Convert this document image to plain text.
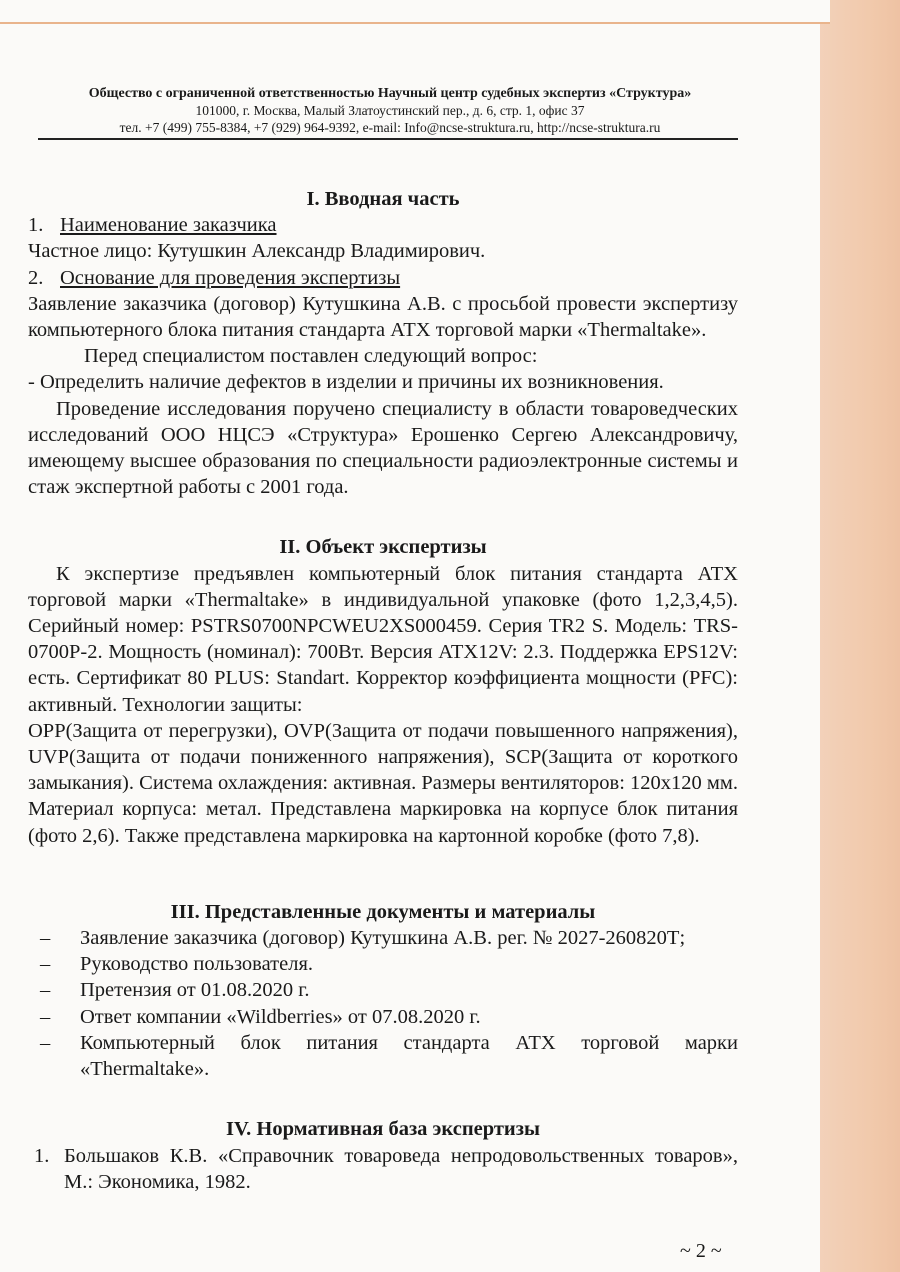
Общество с ограниченной ответственностью Научный центр судебных экспертиз «Структура»
101000, г. Москва, Малый Златоустинский пер., д. 6, стр. 1, офис 37
тел. +7 (499) 755-8384, +7 (929) 964-9392, e-mail: Info@ncse-struktura.ru, http://ncse-struktura.ru

I. Вводная часть

1. Наименование заказчика

Частное лицо: Кутушкин Александр Владимирович.

2. Основание для проведения экспертизы

Заявление заказчика (договор) Кутушкина А.В. с просьбой провести экспертизу компьютерного блока питания стандарта АТХ торговой марки «Thermaltake».

Перед специалистом поставлен следующий вопрос:

- Определить наличие дефектов в изделии и причины их возникновения.

Проведение исследования поручено специалисту в области товароведческих исследований ООО НЦСЭ «Структура» Ерошенко Сергею Александровичу, имеющему высшее образования по специальности радиоэлектронные системы и стаж экспертной работы с 2001 года.

II. Объект экспертизы

К экспертизе предъявлен компьютерный блок питания стандарта АТХ торговой марки «Thermaltake» в индивидуальной упаковке (фото 1,2,3,4,5). Серийный номер: PSTRS0700NPCWEU2XS000459. Серия TR2 S. Модель: TRS-0700P-2. Мощность (номинал): 700Вт. Версия ATX12V: 2.3. Поддержка EPS12V: есть. Сертификат 80 PLUS: Standart. Корректор коэффициента мощности (PFC): активный. Технологии защиты:

OPP(Защита от перегрузки), OVP(Защита от подачи повышенного напряжения), UVP(Защита от подачи пониженного напряжения), SCP(Защита от короткого замыкания). Система охлаждения: активная. Размеры вентиляторов: 120x120 мм. Материал корпуса: метал. Представлена маркировка на корпусе блок питания (фото 2,6). Также представлена маркировка на картонной коробке (фото 7,8).

III. Представленные документы и материалы

– Заявление заказчика (договор) Кутушкина А.В. рег. № 2027-260820Т;
– Руководство пользователя.
– Претензия от 01.08.2020 г.
– Ответ компании «Wildberries» от 07.08.2020 г.
– Компьютерный блок питания стандарта АТХ торговой марки «Thermaltake».

IV. Нормативная база экспертизы

1. Большаков К.В. «Справочник товароведа непродовольственных товаров», М.: Экономика, 1982.

~ 2 ~
